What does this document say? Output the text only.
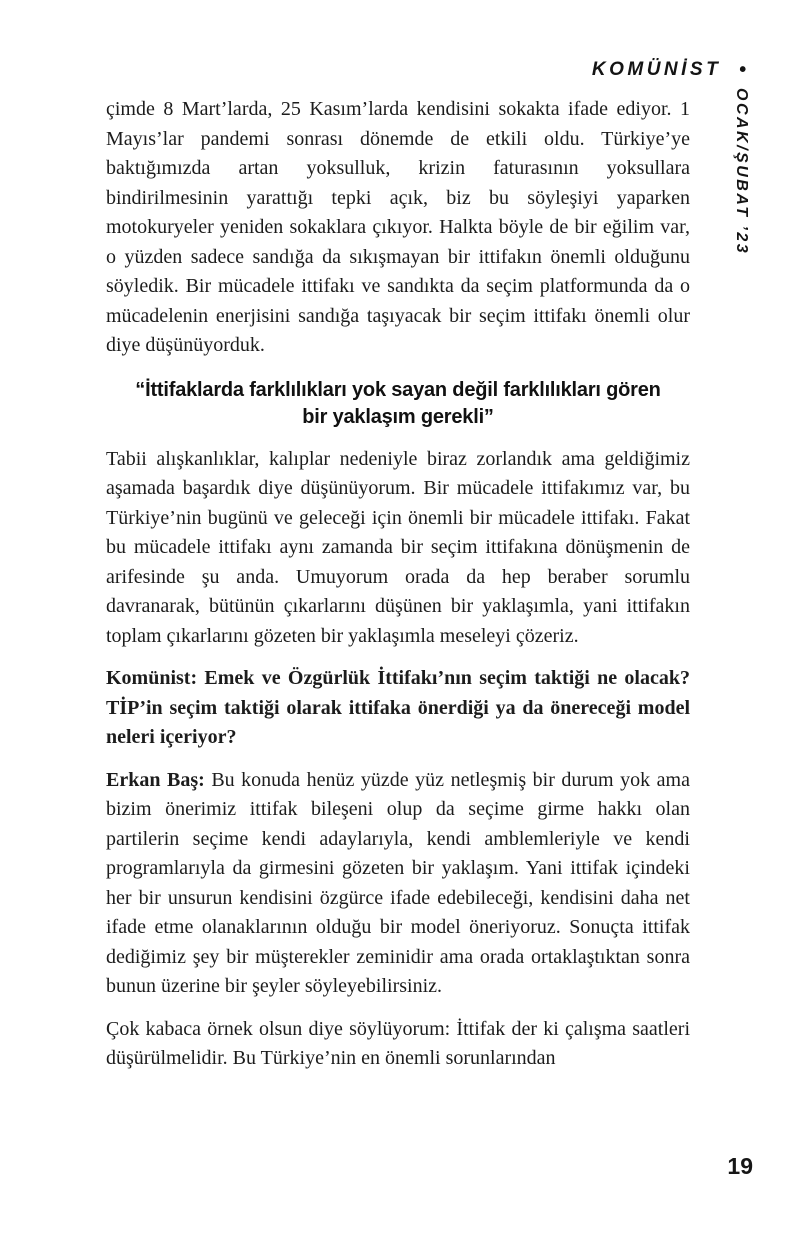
KOMÜNİST •
OCAK/ŞUBAT ’23

çimde 8 Mart’larda, 25 Kasım’larda kendisini sokakta ifade ediyor. 1 Mayıs’lar pandemi sonrası dönemde de etkili oldu. Türkiye’ye baktığımızda artan yoksulluk, krizin faturasının yoksullara bindirilmesinin yarattığı tepki açık, biz bu söyleşiyi yaparken motokuryeler yeniden sokaklara çıkıyor. Halkta böyle de bir eğilim var, o yüzden sadece sandığa da sıkışmayan bir ittifakın önemli olduğunu söyledik. Bir mücadele ittifakı ve sandıkta da seçim platformunda da o mücadelenin enerjisini sandığa taşıyacak bir seçim ittifakı önemli olur diye düşünüyorduk.

“İttifaklarda farklılıkları yok sayan değil farklılıkları gören
bir yaklaşım gerekli”

Tabii alışkanlıklar, kalıplar nedeniyle biraz zorlandık ama geldiğimiz aşamada başardık diye düşünüyorum. Bir mücadele ittifakımız var, bu Türkiye’nin bugünü ve geleceği için önemli bir mücadele ittifakı. Fakat bu mücadele ittifakı aynı zamanda bir seçim ittifakına dönüşmenin de arifesinde şu anda. Umuyorum orada da hep beraber sorumlu davranarak, bütünün çıkarlarını düşünen bir yaklaşımla, yani ittifakın toplam çıkarlarını gözeten bir yaklaşımla meseleyi çözeriz.

Komünist: Emek ve Özgürlük İttifakı’nın seçim taktiği ne olacak? TİP’in seçim taktiği olarak ittifaka önerdiği ya da önereceği model neleri içeriyor?

Erkan Baş: Bu konuda henüz yüzde yüz netleşmiş bir durum yok ama bizim önerimiz ittifak bileşeni olup da seçime girme hakkı olan partilerin seçime kendi adaylarıyla, kendi amblemleriyle ve kendi programlarıyla da girmesini gözeten bir yaklaşım. Yani ittifak içindeki her bir unsurun kendisini özgürce ifade edebileceği, kendisini daha net ifade etme olanaklarının olduğu bir model öneriyoruz. Sonuçta ittifak dediğimiz şey bir müşterekler zeminidir ama orada ortaklaştıktan sonra bunun üzerine bir şeyler söyleyebilirsiniz.

Çok kabaca örnek olsun diye söylüyorum: İttifak der ki çalışma saatleri düşürülmelidir. Bu Türkiye’nin en önemli sorunlarından

19
